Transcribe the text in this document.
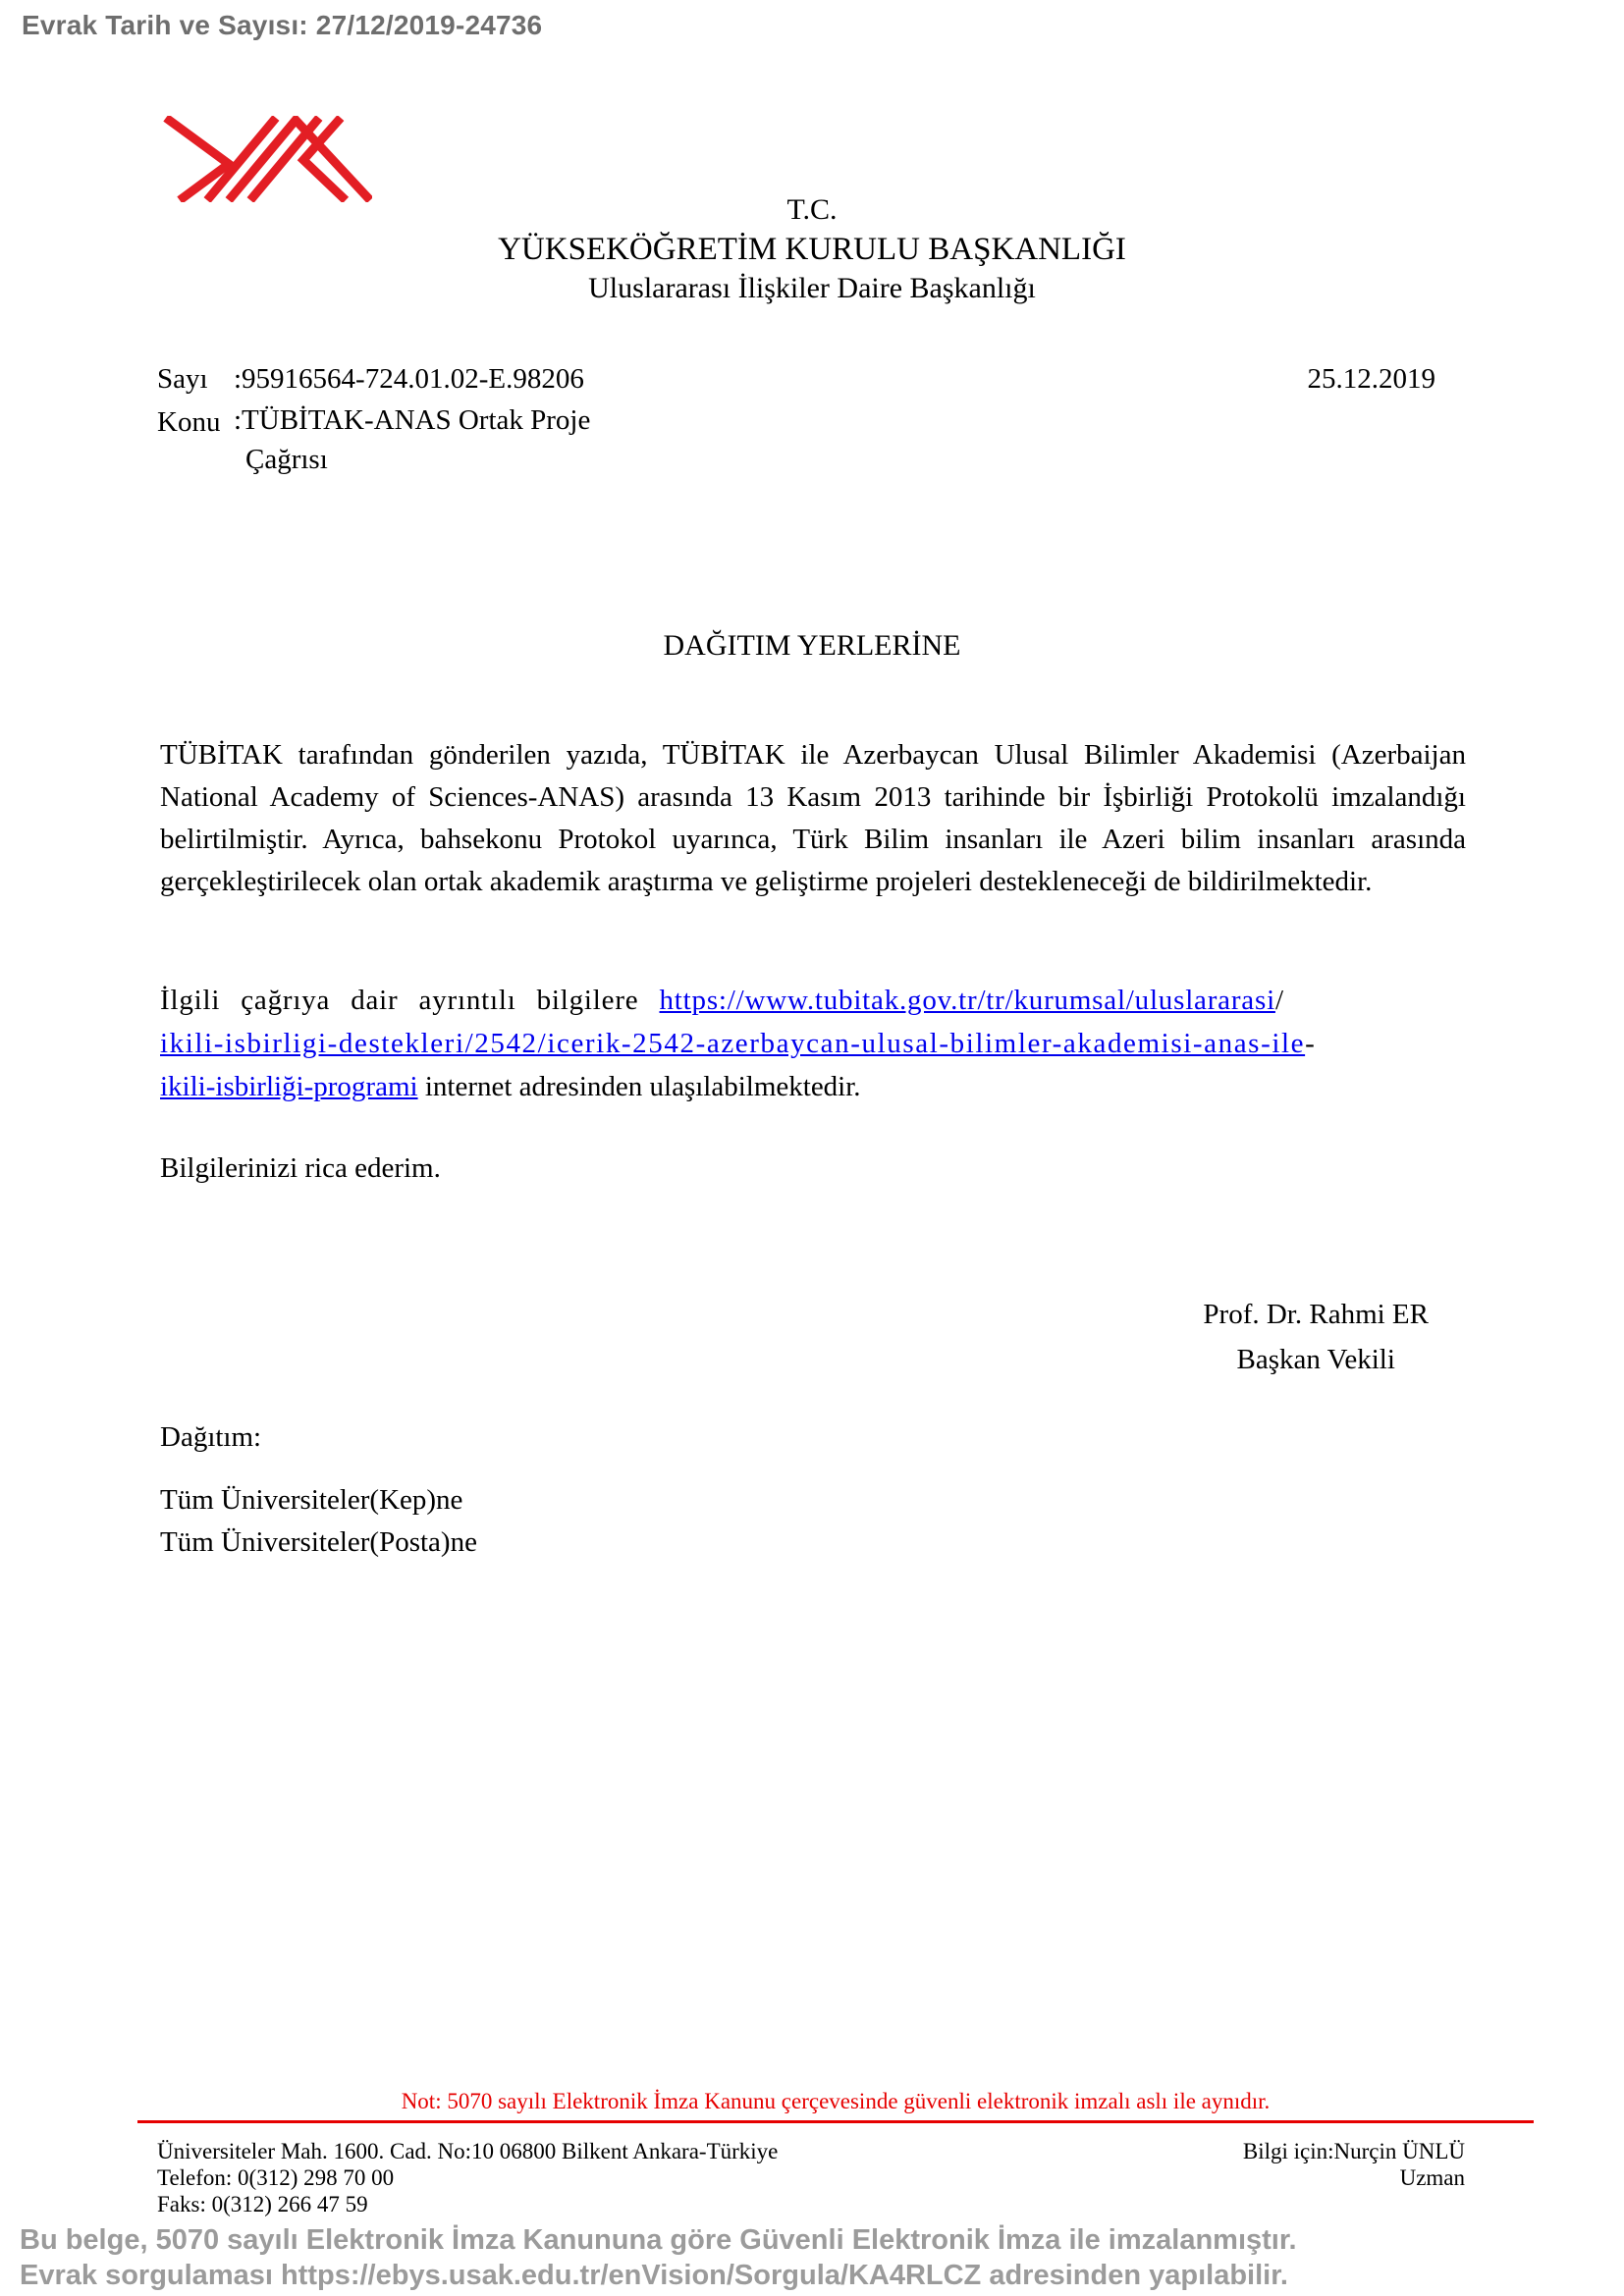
Evrak Tarih ve Sayısı: 27/12/2019-24736
T.C.
YÜKSEKÖĞRETİM KURULU BAŞKANLIĞI
Uluslararası İlişkiler Daire Başkanlığı
Sayı :95916564-724.01.02-E.98206	25.12.2019
Konu :TÜBİTAK-ANAS Ortak Proje
Çağrısı
DAĞITIM YERLERİNE

TÜBİTAK tarafından gönderilen yazıda, TÜBİTAK ile Azerbaycan Ulusal Bilimler Akademisi (Azerbaijan National Academy of Sciences-ANAS) arasında 13 Kasım 2013 tarihinde bir İşbirliği Protokolü imzalandığı belirtilmiştir. Ayrıca, bahsekonu Protokol uyarınca, Türk Bilim insanları ile Azeri bilim insanları arasında gerçekleştirilecek olan ortak akademik araştırma ve geliştirme projeleri destekleneceği de bildirilmektedir.

İlgili çağrıya dair ayrıntılı bilgilere https://www.tubitak.gov.tr/tr/kurumsal/uluslararasi/
ikili-isbirligi-destekleri/2542/icerik-2542-azerbaycan-ulusal-bilimler-akademisi-anas-ile-
ikili-isbirliği-programi internet adresinden ulaşılabilmektedir.

Bilgilerinizi rica ederim.
Prof. Dr. Rahmi ER
Başkan Vekili
Dağıtım:
Tüm Üniversiteler(Kep)ne
Tüm Üniversiteler(Posta)ne
Not: 5070 sayılı Elektronik İmza Kanunu çerçevesinde güvenli elektronik imzalı aslı ile aynıdır.
Üniversiteler Mah. 1600. Cad. No:10 06800 Bilkent Ankara-Türkiye
Telefon: 0(312) 298 70 00
Faks: 0(312) 266 47 59
Bilgi için:Nurçin ÜNLÜ
Uzman
Bu belge, 5070 sayılı Elektronik İmza Kanununa göre Güvenli Elektronik İmza ile imzalanmıştır.
Evrak sorgulaması https://ebys.usak.edu.tr/enVision/Sorgula/KA4RLCZ adresinden yapılabilir.
